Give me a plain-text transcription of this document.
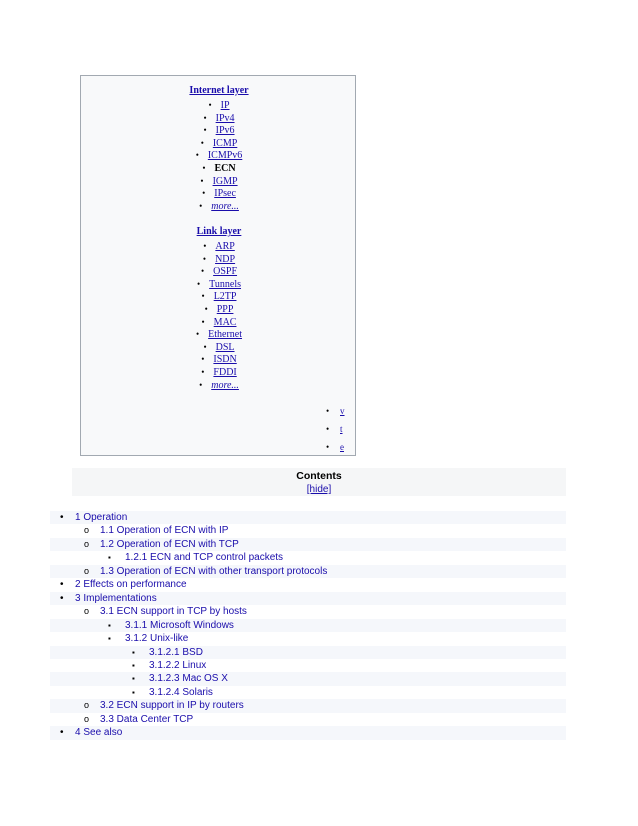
Internet layer
• IP
• IPv4
• IPv6
• ICMP
• ICMPv6
• ECN
• IGMP
• IPsec
• more...
Link layer
• ARP
• NDP
• OSPF
• Tunnels
• L2TP
• PPP
• MAC
• Ethernet
• DSL
• ISDN
• FDDI
• more...
• v
• t
• e
Contents
[hide]
• 1 Operation
o 1.1 Operation of ECN with IP
o 1.2 Operation of ECN with TCP
▪ 1.2.1 ECN and TCP control packets
o 1.3 Operation of ECN with other transport protocols
• 2 Effects on performance
• 3 Implementations
o 3.1 ECN support in TCP by hosts
▪ 3.1.1 Microsoft Windows
▪ 3.1.2 Unix-like
▪ 3.1.2.1 BSD
▪ 3.1.2.2 Linux
▪ 3.1.2.3 Mac OS X
▪ 3.1.2.4 Solaris
o 3.2 ECN support in IP by routers
o 3.3 Data Center TCP
• 4 See also
